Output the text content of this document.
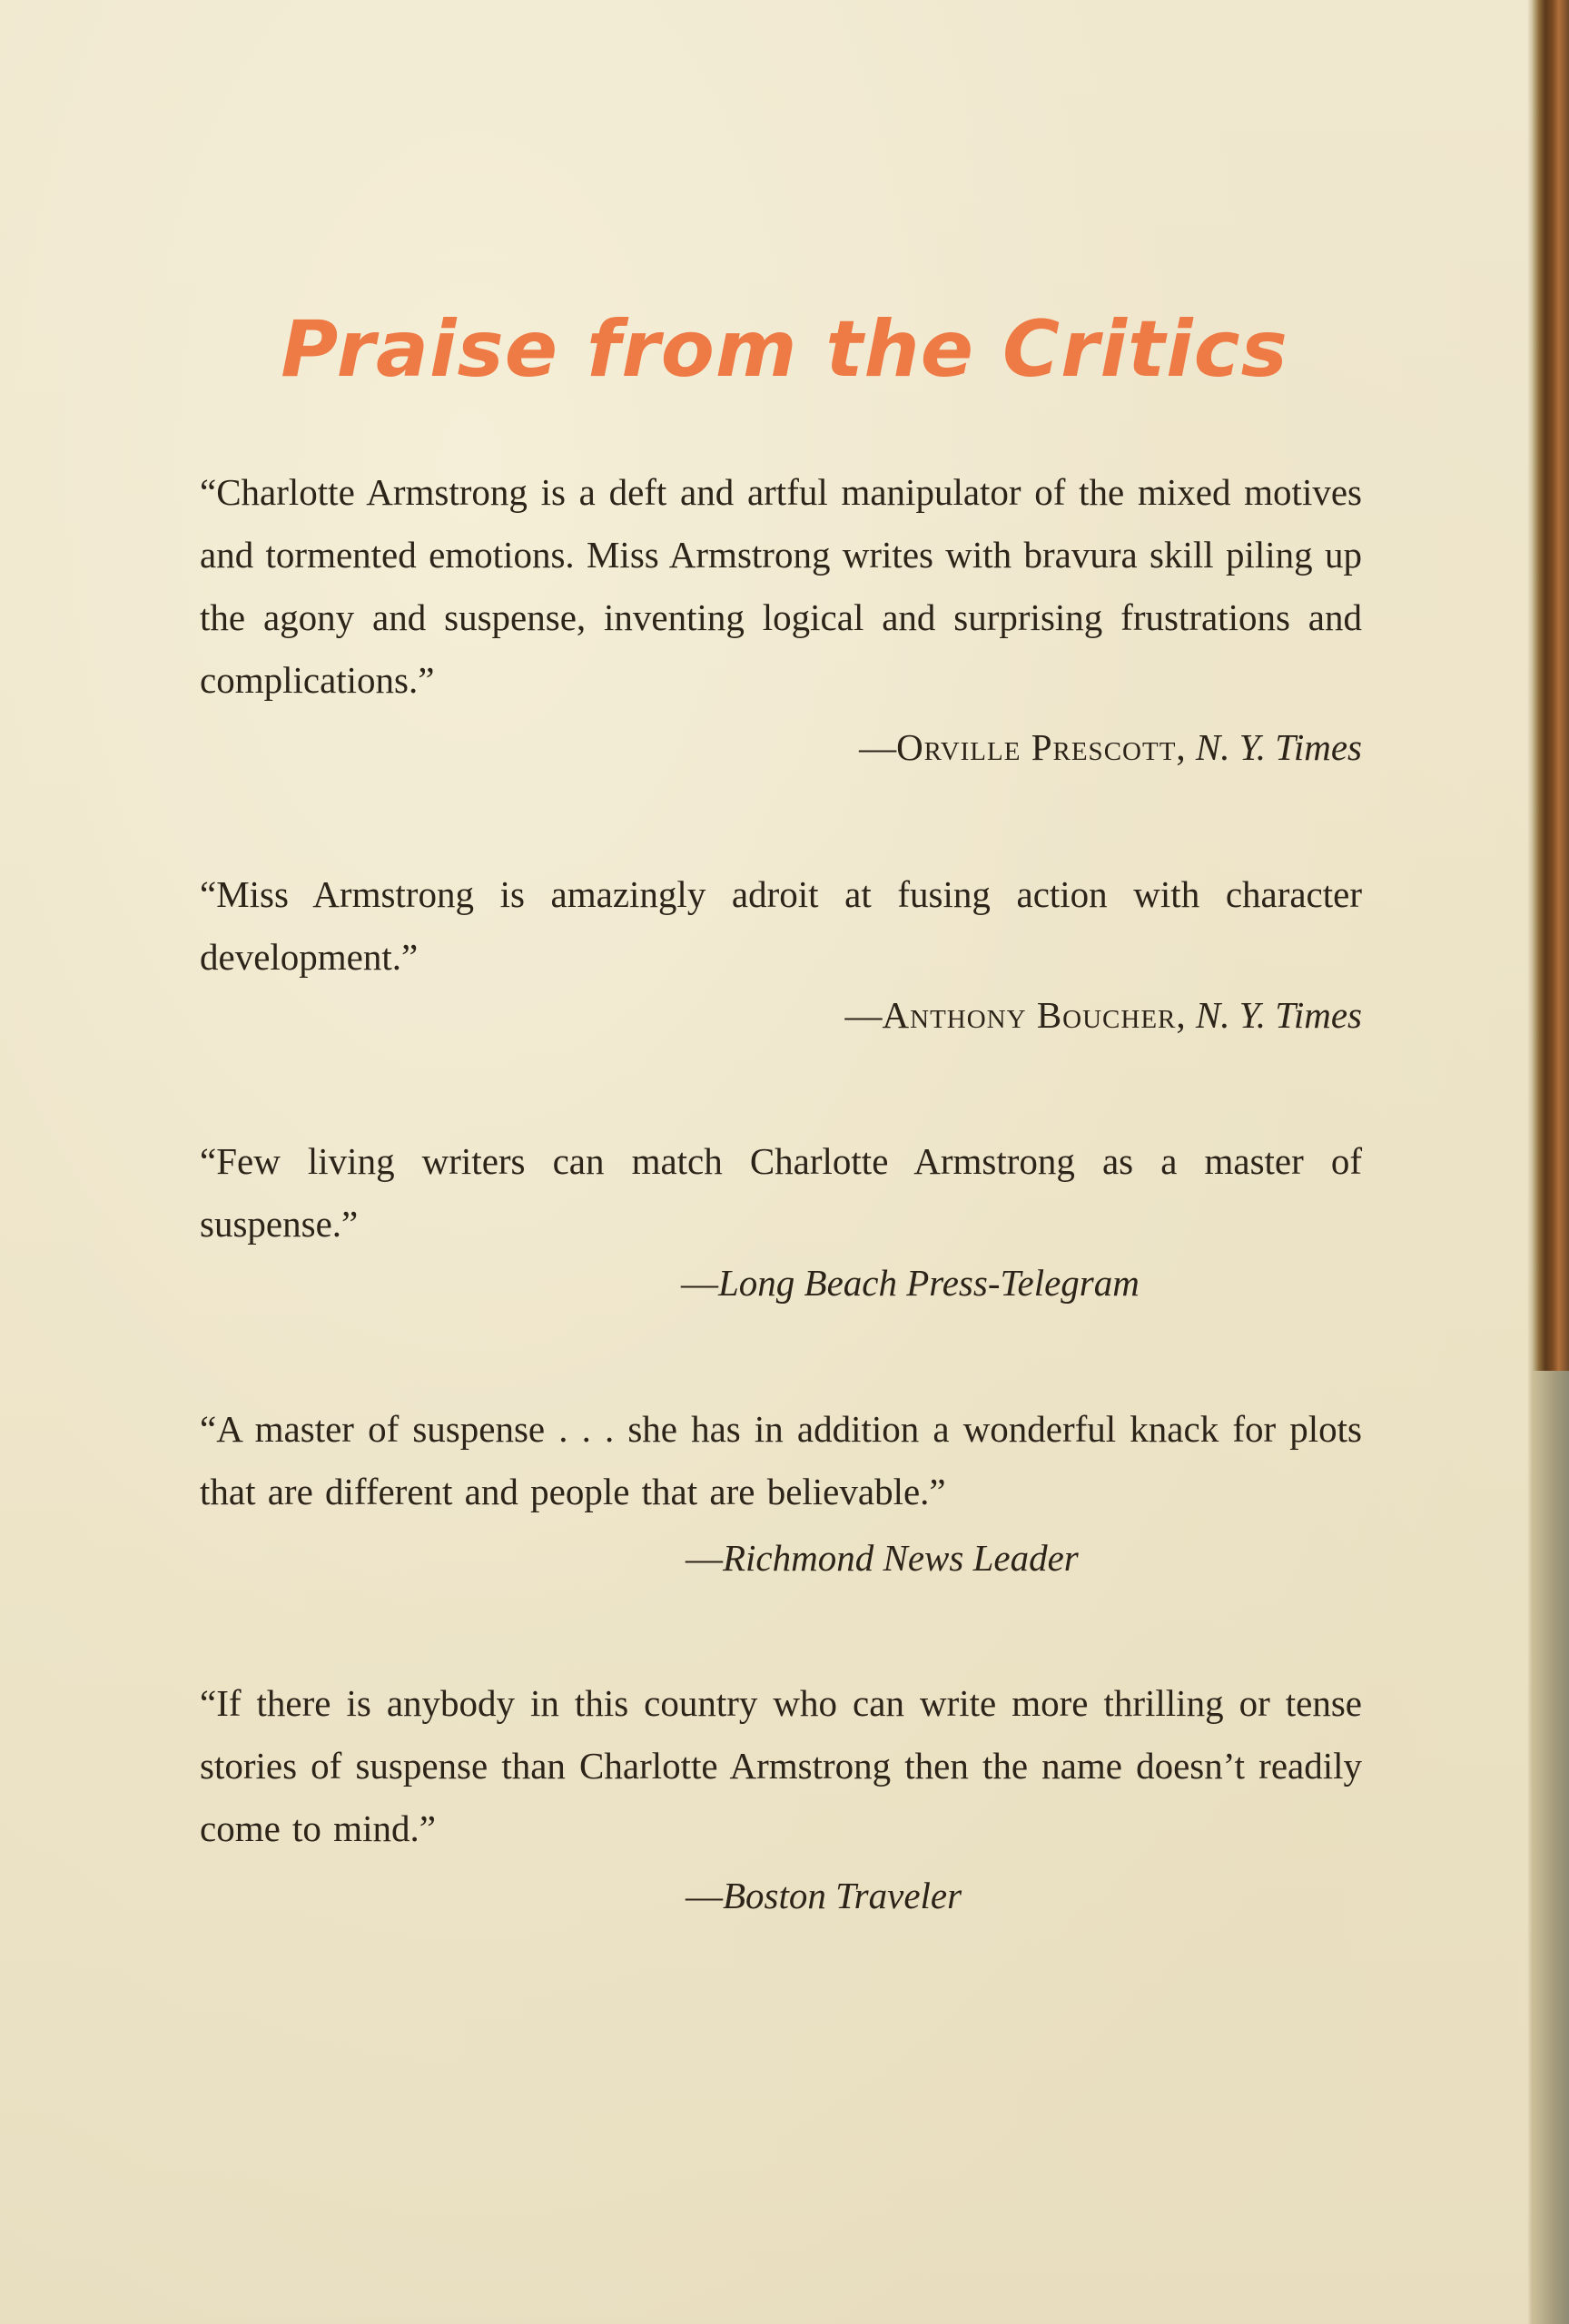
Praise from the Critics

“Charlotte Armstrong is a deft and artful manipulator of the mixed motives and tormented emotions. Miss Armstrong writes with bravura skill piling up the agony and suspense, inventing logical and surprising frustrations and complications.”

—Orville Prescott, N. Y. Times

“Miss Armstrong is amazingly adroit at fusing action with character development.”

—Anthony Boucher, N. Y. Times

“Few living writers can match Charlotte Armstrong as a master of suspense.”

—Long Beach Press-Telegram

“A master of suspense . . . she has in addition a wonderful knack for plots that are different and people that are believable.”

—Richmond News Leader

“If there is anybody in this country who can write more thrilling or tense stories of suspense than Charlotte Armstrong then the name doesn’t readily come to mind.”

—Boston Traveler
